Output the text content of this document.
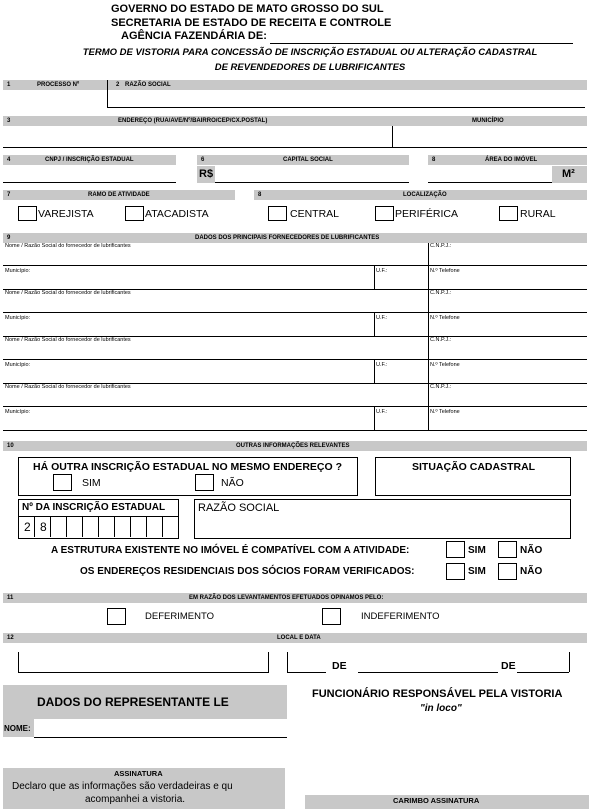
GOVERNO DO ESTADO DE MATO GROSSO DO SUL
SECRETARIA DE ESTADO DE RECEITA E CONTROLE
AGÊNCIA FAZENDÁRIA DE:
TERMO DE VISTORIA PARA CONCESSÃO DE INSCRIÇÃO ESTADUAL OU ALTERAÇÃO CADASTRAL
DE REVENDEDORES DE LUBRIFICANTES
1	PROCESSO Nº	2 RAZÃO SOCIAL
3	ENDEREÇO (RUA/AVE/Nº/BAIRRO/CEP/CX.POSTAL)	MUNICÍPIO
4	CNPJ / INSCRIÇÃO ESTADUAL	6	CAPITAL SOCIAL
R$
8	ÁREA DO IMÓVEL
M²
7	RAMO DE ATIVIDADE	8	LOCALIZAÇÃO
VAREJISTA	ATACADISTA	CENTRAL	PERIFÉRICA	RURAL
9	DADOS DOS PRINCIPAIS FORNECEDORES DE LUBRIFICANTES
Nome / Razão Social do fornecedor de lubrificantes	C.N.P.J.:
Município:	U.F.:	N.º Telefone
Nome / Razão Social do fornecedor de lubrificantes	C.N.P.J.:
Município:	U.F.:	N.º Telefone
Nome / Razão Social do fornecedor de lubrificantes	C.N.P.J.:
Município:	U.F.:	N.º Telefone
Nome / Razão Social do fornecedor de lubrificantes	C.N.P.J.:
Município:	U.F.:	N.º Telefone
10	OUTRAS INFORMAÇÕES RELEVANTES
HÁ OUTRA INSCRIÇÃO ESTADUAL NO MESMO ENDEREÇO ?
SIM	NÃO
SITUAÇÃO CADASTRAL
Nº DA INSCRIÇÃO ESTADUAL
2 8
RAZÃO SOCIAL
A ESTRUTURA EXISTENTE NO IMÓVEL É COMPATÍVEL COM A ATIVIDADE:	SIM	NÃO
OS ENDEREÇOS RESIDENCIAIS DOS SÓCIOS FORAM VERIFICADOS:	SIM	NÃO
11	EM RAZÃO DOS LEVANTAMENTOS EFETUADOS OPINAMOS PELO:
DEFERIMENTO	INDEFERIMENTO
12	LOCAL E DATA
DE	DE
DADOS DO REPRESENTANTE LE
FUNCIONÁRIO RESPONSÁVEL PELA VISTORIA
"in loco"
NOME:
ASSINATURA
Declaro que as informações são verdadeiras e qu
acompanhei a vistoria.	CARIMBO ASSINATURA
